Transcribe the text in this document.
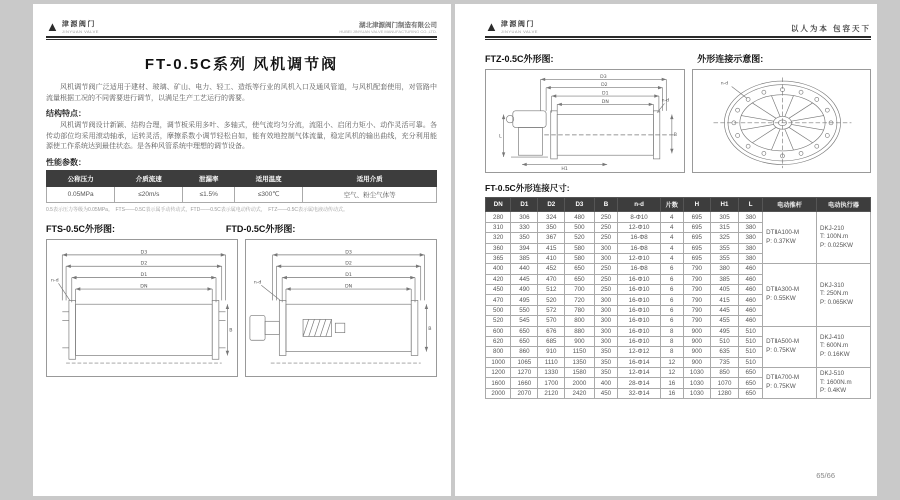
▲ 津源阀门
JINYUAN VALVE
湖北津源阀门制造有限公司
HUBEI JINYUAN VALVE MANUFACTURING CO.,LTD.
FT-0.5C系列 风机调节阀

风机调节阀广泛适用于建材、玻璃、矿山、电力、轻工、造纸等行业的风机入口及通风管道，与风机配套使用，对管路中流量根据工况的不同需要进行调节，以满足生产工艺运行的需要。

结构特点：

风机调节阀设计新颖、结构合理，调节板采用多叶、多轴式，使气流均匀分流，流阻小、启闭力矩小、动作灵活可靠。各传动部位均采用滚动轴承，运转灵活，摩擦系数小调节轻松自如，能有效地控制气体流量，稳定风机的输出曲线，充分利用能源使工作系统达到最佳状态。是各种风管系统中理想的调节设备。

性能参数：
公称压力	介质流速	泄漏率	适用温度	适用介质
0.05MPa	≤20m/s	≤1.5%	≤300℃	空气、粉尘气体等
0.5表示压力等级为0.05MPa。　FTS——0.5C表示属手动传动式，FTD——0.5C表示属电动传动式，　FTZ——0.5C表示属电液动传动式。
FTS-0.5C外形图:	FTD-0.5C外形图:
n-d
D3
D2
D1
DN
B
n-d
D3
D2
D1
DN
B
▲ 津源阀门
JINYUAN VALVE	以人为本 包容天下
FTZ-0.5C外形图:	外形连接示意图:
n-d
D3
D2
D1
DN
H1
L	B
n-d
FT-0.5C外形连接尺寸:
DN	D1	D2	D3	B	n-d	片数	H	H1	L	电动推杆	电动执行器
280	306	324	480	250	8-Φ10	4	695	305	380	
DTⅡA100-M
P: 0.37KW

DKJ-210
T: 100N.m
P: 0.025KW

310	330	350	500	250	12-Φ10	4	695	315	380		
320	350	367	520	250	16-Φ8	4	695	325	380		
360	394	415	580	300	16-Φ8	4	695	355	380		
365	385	410	580	300	12-Φ10	4	695	355	380		
400	440	452	650	250	16-Φ8	6	790	380	460	
DTⅡA300-M
P: 0.55KW

DKJ-310
T: 250N.m
P: 0.065KW

420	445	470	650	250	16-Φ10	6	790	385	460		
450	490	512	700	250	16-Φ10	6	790	405	460		
470	495	520	720	300	16-Φ10	6	790	415	460		
500	550	572	780	300	16-Φ10	6	790	445	460		
520	545	570	800	300	16-Φ10	6	790	455	460		
600	650	676	880	300	16-Φ10	8	900	495	510	
DTⅡA500-M
P: 0.75KW

DKJ-410
T: 600N.m
P: 0.16KW

620	650	685	900	300	16-Φ10	8	900	510	510		
800	860	910	1150	350	12-Φ12	8	900	635	510		
1000	1065	1110	1350	350	16-Φ14	12	900	735	510		
1200	1270	1330	1580	350	12-Φ14	12	1030	850	650	
DTⅡA700-M
P: 0.75KW

DKJ-510
T: 1600N.m
P: 0.4KW

1600	1660	1700	2000	400	28-Φ14	16	1030	1070	650		
2000	2070	2120	2420	450	32-Φ14	16	1030	1280	650		
65/66
